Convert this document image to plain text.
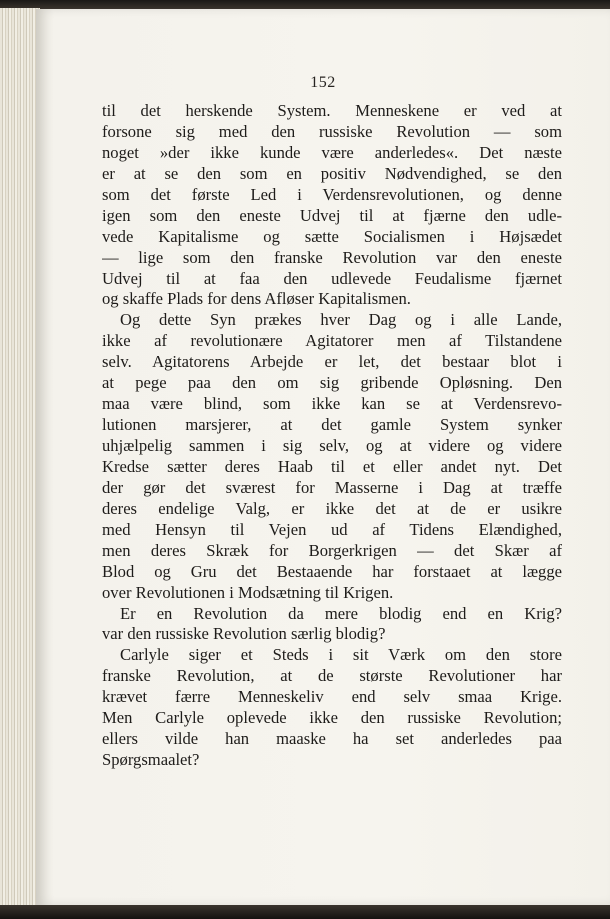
152
til det herskende System. Menneskene er ved at
forsone sig med den russiske Revolution — som
noget »der ikke kunde være anderledes«. Det næste
er at se den som en positiv Nødvendighed, se den
som det første Led i Verdensrevolutionen, og denne
igen som den eneste Udvej til at fjærne den udle-
vede Kapitalisme og sætte Socialismen i Højsædet
— lige som den franske Revolution var den eneste
Udvej til at faa den udlevede Feudalisme fjærnet
og skaffe Plads for dens Afløser Kapitalismen.
Og dette Syn prækes hver Dag og i alle Lande,
ikke af revolutionære Agitatorer men af Tilstandene
selv. Agitatorens Arbejde er let, det bestaar blot i
at pege paa den om sig gribende Opløsning. Den
maa være blind, som ikke kan se at Verdensrevo-
lutionen marsjerer, at det gamle System synker
uhjælpelig sammen i sig selv, og at videre og videre
Kredse sætter deres Haab til et eller andet nyt. Det
der gør det sværest for Masserne i Dag at træffe
deres endelige Valg, er ikke det at de er usikre
med Hensyn til Vejen ud af Tidens Elændighed,
men deres Skræk for Borgerkrigen — det Skær af
Blod og Gru det Bestaaende har forstaaet at lægge
over Revolutionen i Modsætning til Krigen.
Er en Revolution da mere blodig end en Krig?
var den russiske Revolution særlig blodig?
Carlyle siger et Steds i sit Værk om den store
franske Revolution, at de største Revolutioner har
krævet færre Menneskeliv end selv smaa Krige.
Men Carlyle oplevede ikke den russiske Revolution;
ellers vilde han maaske ha set anderledes paa
Spørgsmaalet?
